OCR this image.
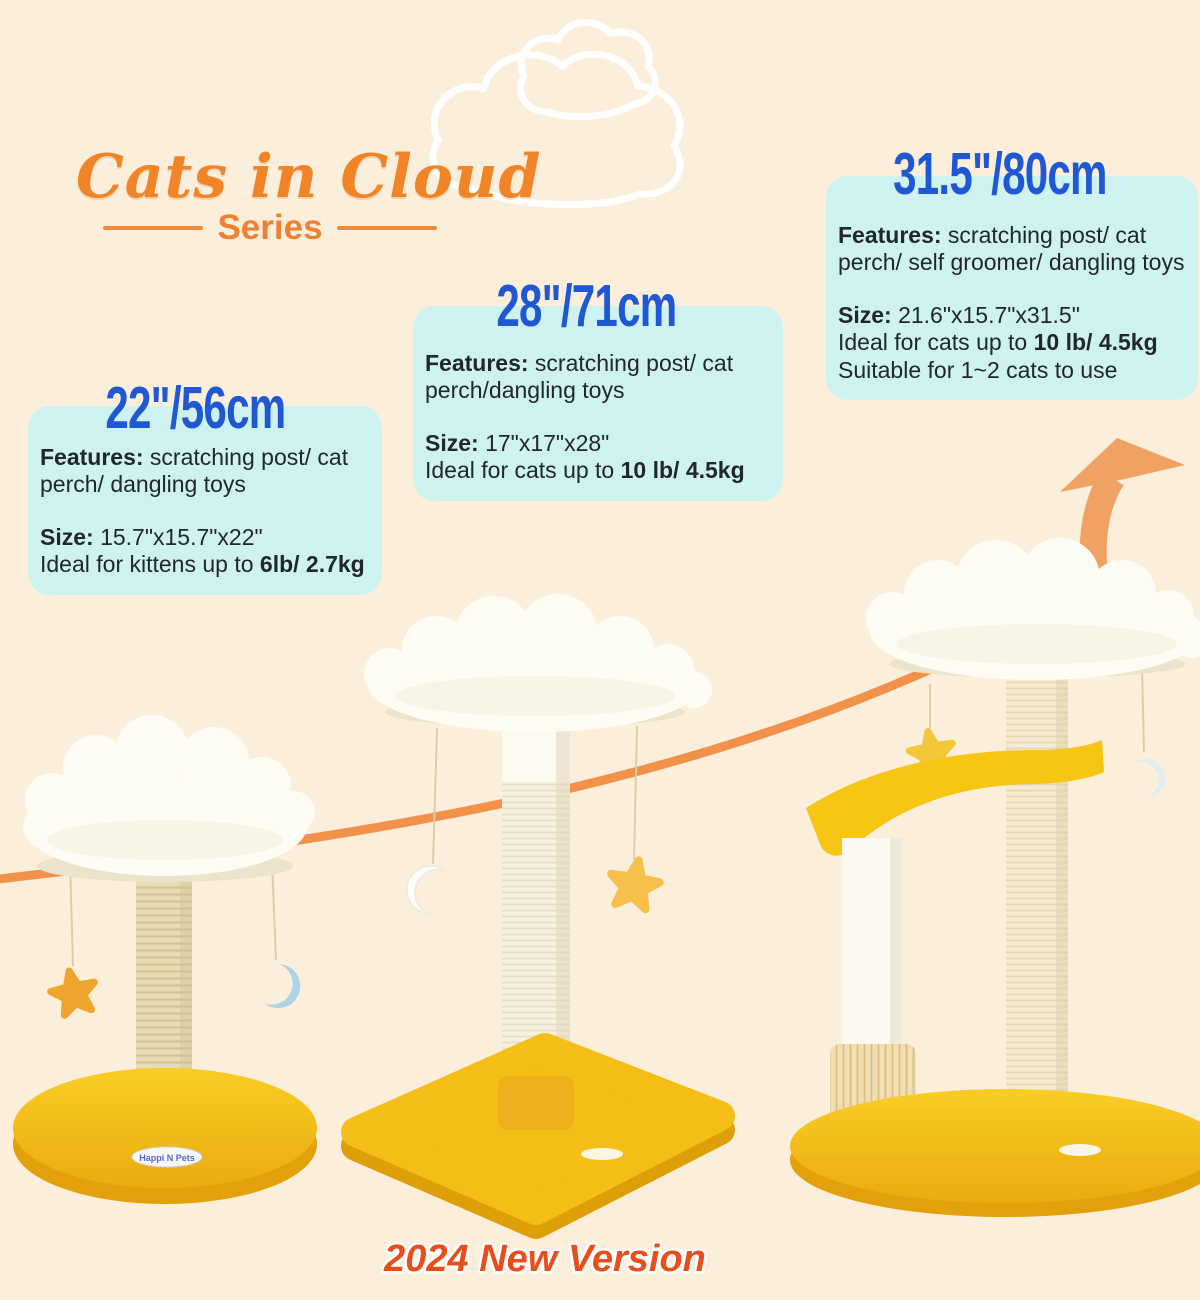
Happi N Pets
Cats in Cloud
Series
22"/56cm
Features: scratching post/ cat perch/ dangling toys
Size: 15.7"x15.7"x22"
Ideal for kittens up to 6lb/ 2.7kg
28"/71cm
Features: scratching post/ cat perch/dangling toys
Size: 17"x17"x28"
Ideal for cats up to 10 lb/ 4.5kg
31.5"/80cm
Features: scratching post/ cat perch/ self groomer/ dangling toys
Size: 21.6"x15.7"x31.5"
Ideal for cats up to 10 lb/ 4.5kg
Suitable for 1~2 cats to use
2024 New Version
